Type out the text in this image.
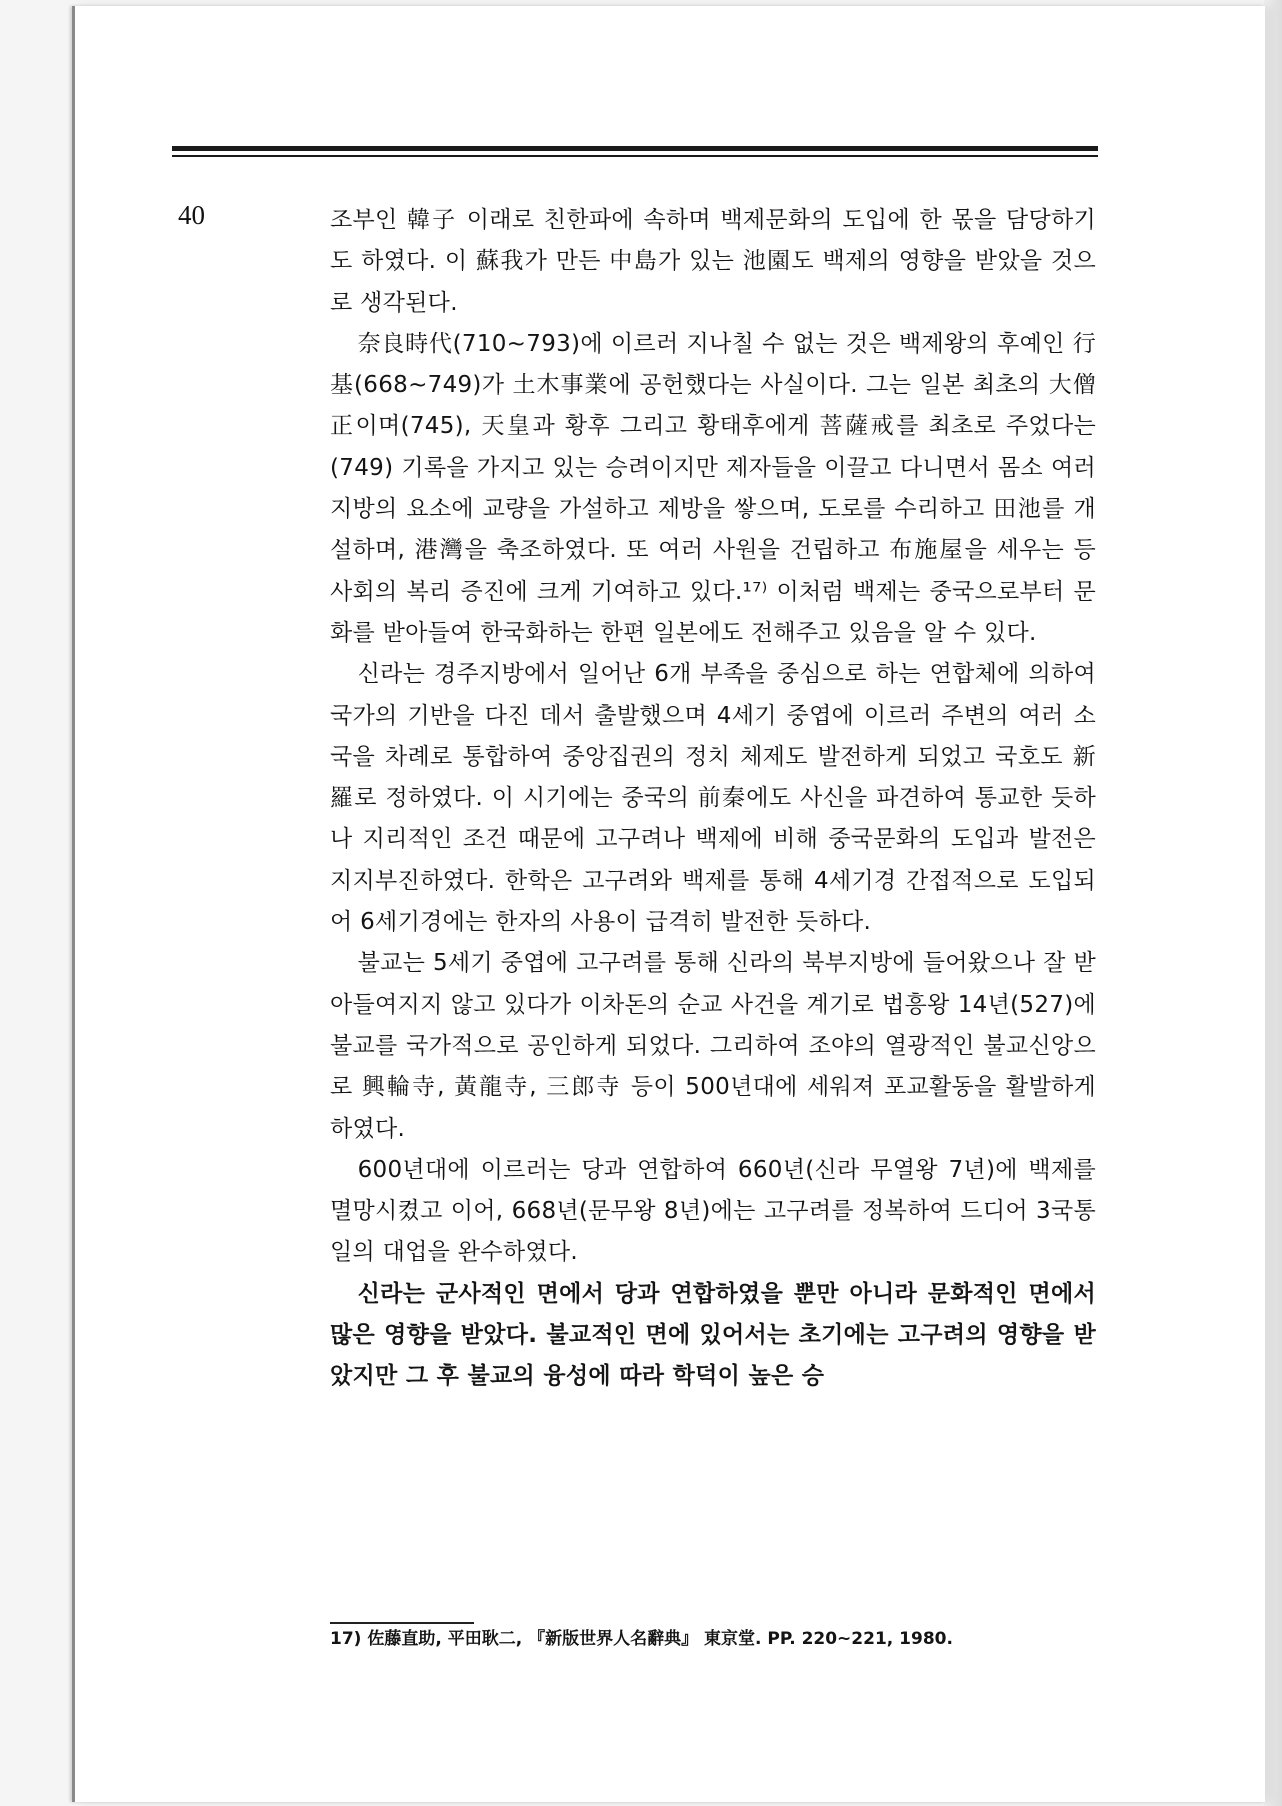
40	조부인 韓子 이래로 친한파에 속하며 백제문화의 도입에 한 몫을 담당하기도 하였다. 이 蘇我가 만든 中島가 있는 池園도 백제의 영향을 받았을 것으로 생각된다.

奈良時代(710~793)에 이르러 지나칠 수 없는 것은 백제왕의 후예인 行基(668~749)가 土木事業에 공헌했다는 사실이다. 그는 일본 최초의 大僧正이며(745), 天皇과 황후 그리고 황태후에게 菩薩戒를 최초로 주었다는(749) 기록을 가지고 있는 승려이지만 제자들을 이끌고 다니면서 몸소 여러 지방의 요소에 교량을 가설하고 제방을 쌓으며, 도로를 수리하고 田池를 개설하며, 港灣을 축조하였다. 또 여러 사원을 건립하고 布施屋을 세우는 등 사회의 복리 증진에 크게 기여하고 있다.¹⁷⁾ 이처럼 백제는 중국으로부터 문화를 받아들여 한국화하는 한편 일본에도 전해주고 있음을 알 수 있다.

신라는 경주지방에서 일어난 6개 부족을 중심으로 하는 연합체에 의하여 국가의 기반을 다진 데서 출발했으며 4세기 중엽에 이르러 주변의 여러 소국을 차례로 통합하여 중앙집권의 정치 체제도 발전하게 되었고 국호도 新羅로 정하였다. 이 시기에는 중국의 前秦에도 사신을 파견하여 통교한 듯하나 지리적인 조건 때문에 고구려나 백제에 비해 중국문화의 도입과 발전은 지지부진하였다. 한학은 고구려와 백제를 통해 4세기경 간접적으로 도입되어 6세기경에는 한자의 사용이 급격히 발전한 듯하다.

불교는 5세기 중엽에 고구려를 통해 신라의 북부지방에 들어왔으나 잘 받아들여지지 않고 있다가 이차돈의 순교 사건을 계기로 법흥왕 14년(527)에 불교를 국가적으로 공인하게 되었다. 그리하여 조야의 열광적인 불교신앙으로 興輪寺, 黃龍寺, 三郎寺 등이 500년대에 세워져 포교활동을 활발하게 하였다.

600년대에 이르러는 당과 연합하여 660년(신라 무열왕 7년)에 백제를 멸망시켰고 이어, 668년(문무왕 8년)에는 고구려를 정복하여 드디어 3국통일의 대업을 완수하였다.

신라는 군사적인 면에서 당과 연합하였을 뿐만 아니라 문화적인 면에서 많은 영향을 받았다. 불교적인 면에 있어서는 초기에는 고구려의 영향을 받았지만 그 후 불교의 융성에 따라 학덕이 높은 승

17) 佐藤直助, 平田耿二, 『新版世界人名辭典』 東京堂. PP. 220~221, 1980.
